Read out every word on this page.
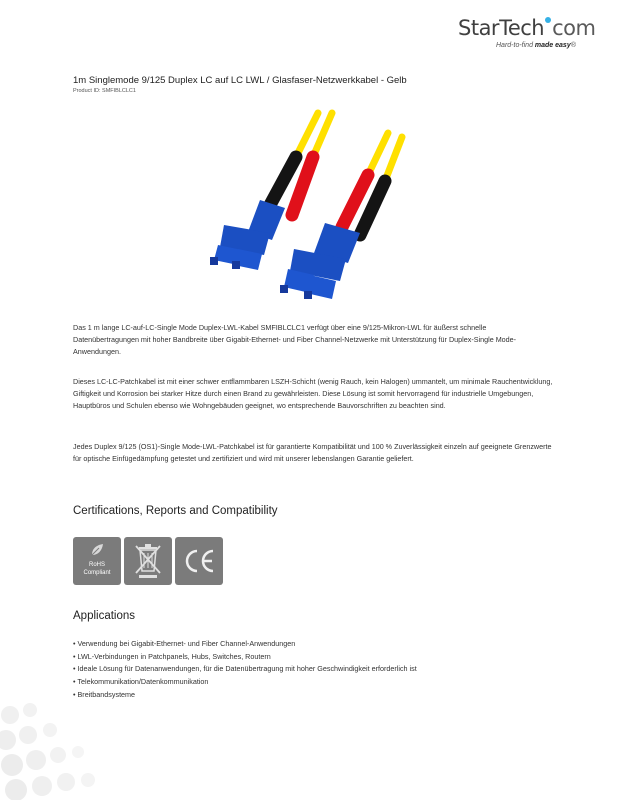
StarTech com
Hard-to-find made easy®
1m Singlemode 9/125 Duplex LC auf LC LWL / Glasfaser-Netzwerkkabel - Gelb
Product ID: SMFIBLCLC1

Das 1 m lange LC-auf-LC-Single Mode Duplex-LWL-Kabel SMFIBLCLC1 verfügt über eine 9/125-Mikron-LWL für äußerst schnelle Datenübertragungen mit hoher Bandbreite über Gigabit-Ethernet- und Fiber Channel-Netzwerke mit Unterstützung für Duplex-Single Mode-Anwendungen.

Dieses LC-LC-Patchkabel ist mit einer schwer entflammbaren LSZH-Schicht (wenig Rauch, kein Halogen) ummantelt, um minimale Rauchentwicklung, Giftigkeit und Korrosion bei starker Hitze durch einen Brand zu gewährleisten. Diese Lösung ist somit hervorragend für industrielle Umgebungen, Hauptbüros und Schulen ebenso wie Wohngebäuden geeignet, wo entsprechende Bauvorschriften zu beachten sind.

Jedes Duplex 9/125 (OS1)-Single Mode-LWL-Patchkabel ist für garantierte Kompatibilität und 100 % Zuverlässigkeit einzeln auf geeignete Grenzwerte für optische Einfügedämpfung getestet und zertifiziert und wird mit unserer lebenslangen Garantie geliefert.

Certifications, Reports and Compatibility
RoHS
Compliant
Applications
• Verwendung bei Gigabit-Ethernet- und Fiber Channel-Anwendungen
• LWL-Verbindungen in Patchpanels, Hubs, Switches, Routern
• Ideale Lösung für Datenanwendungen, für die Datenübertragung mit hoher Geschwindigkeit erforderlich ist
• Telekommunikation/Datenkommunikation
• Breitbandsysteme
